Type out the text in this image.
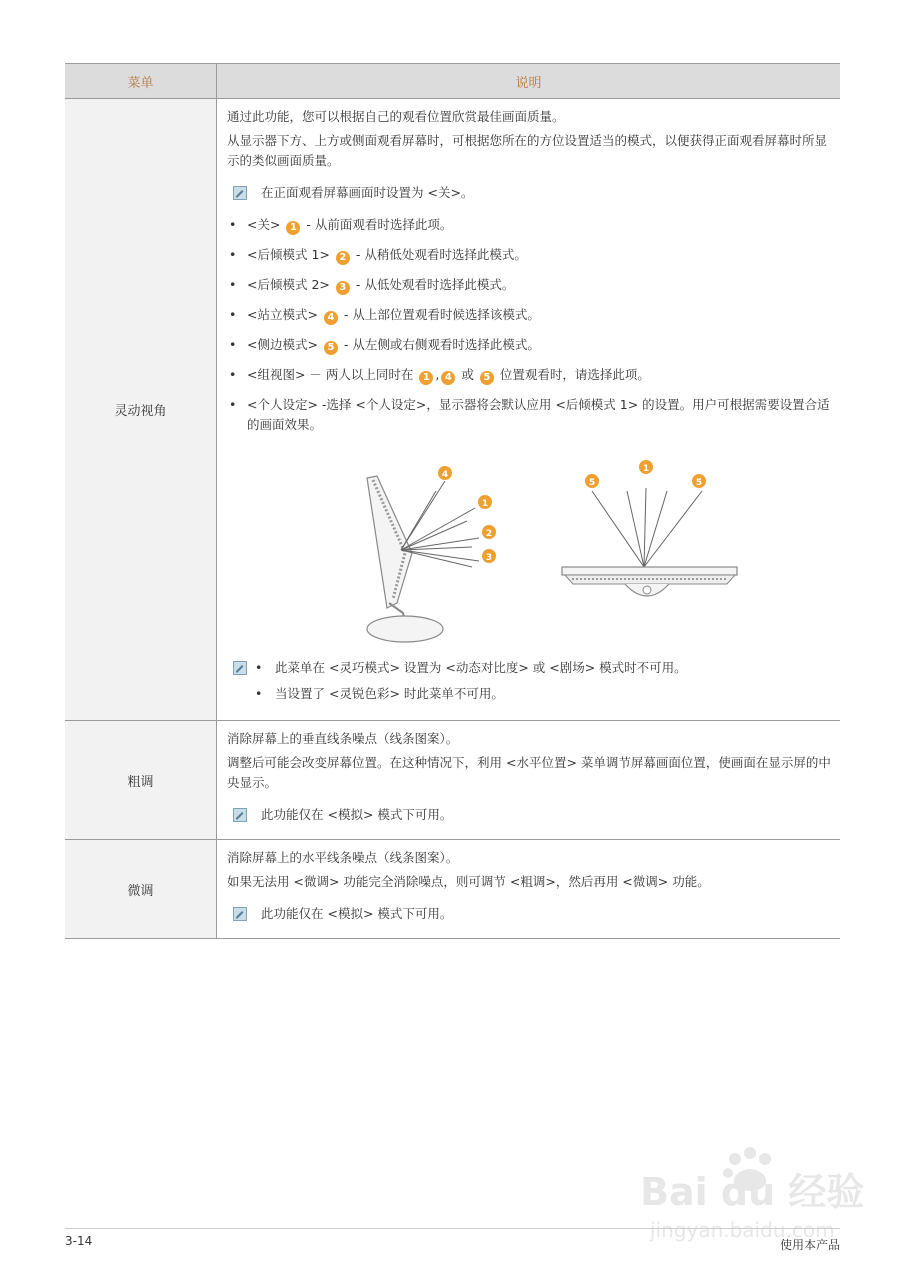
菜单	说明
灵动视角

通过此功能，您可以根据自己的观看位置欣赏最佳画面质量。

从显示器下方、上方或侧面观看屏幕时，可根据您所在的方位设置适当的模式，以便获得正面观看屏幕时所显示的类似画面质量。

在正面观看屏幕画面时设置为 <关>。
• <关> 1 - 从前面观看时选择此项。
• <后倾模式 1> 2 - 从稍低处观看时选择此模式。
• <后倾模式 2> 3 - 从低处观看时选择此模式。
• <站立模式> 4 - 从上部位置观看时候选择该模式。
• <侧边模式> 5 - 从左侧或右侧观看时选择此模式。
• <组视图> － 两人以上同时在 1 , 4 或 5 位置观看时，请选择此项。
• <个人设定> -选择 <个人设定>，显示器将会默认应用 <后倾模式 1> 的设置。用户可根据需要设置合适的画面效果。
4
1
2
3
5
1
5
• 此菜单在 <灵巧模式> 设置为 <动态对比度> 或 <剧场> 模式时不可用。
• 当设置了 <灵锐色彩> 时此菜单不可用。
粗调

消除屏幕上的垂直线条噪点（线条图案）。

调整后可能会改变屏幕位置。在这种情况下，利用 <水平位置> 菜单调节屏幕画面位置，使画面在显示屏的中央显示。

此功能仅在 <模拟> 模式下可用。
微调

消除屏幕上的水平线条噪点（线条图案）。

如果无法用 <微调> 功能完全消除噪点，则可调节 <粗调>，然后再用 <微调> 功能。

此功能仅在 <模拟> 模式下可用。
Bai du 经验
jingyan.baidu.com
3-14	使用本产品
